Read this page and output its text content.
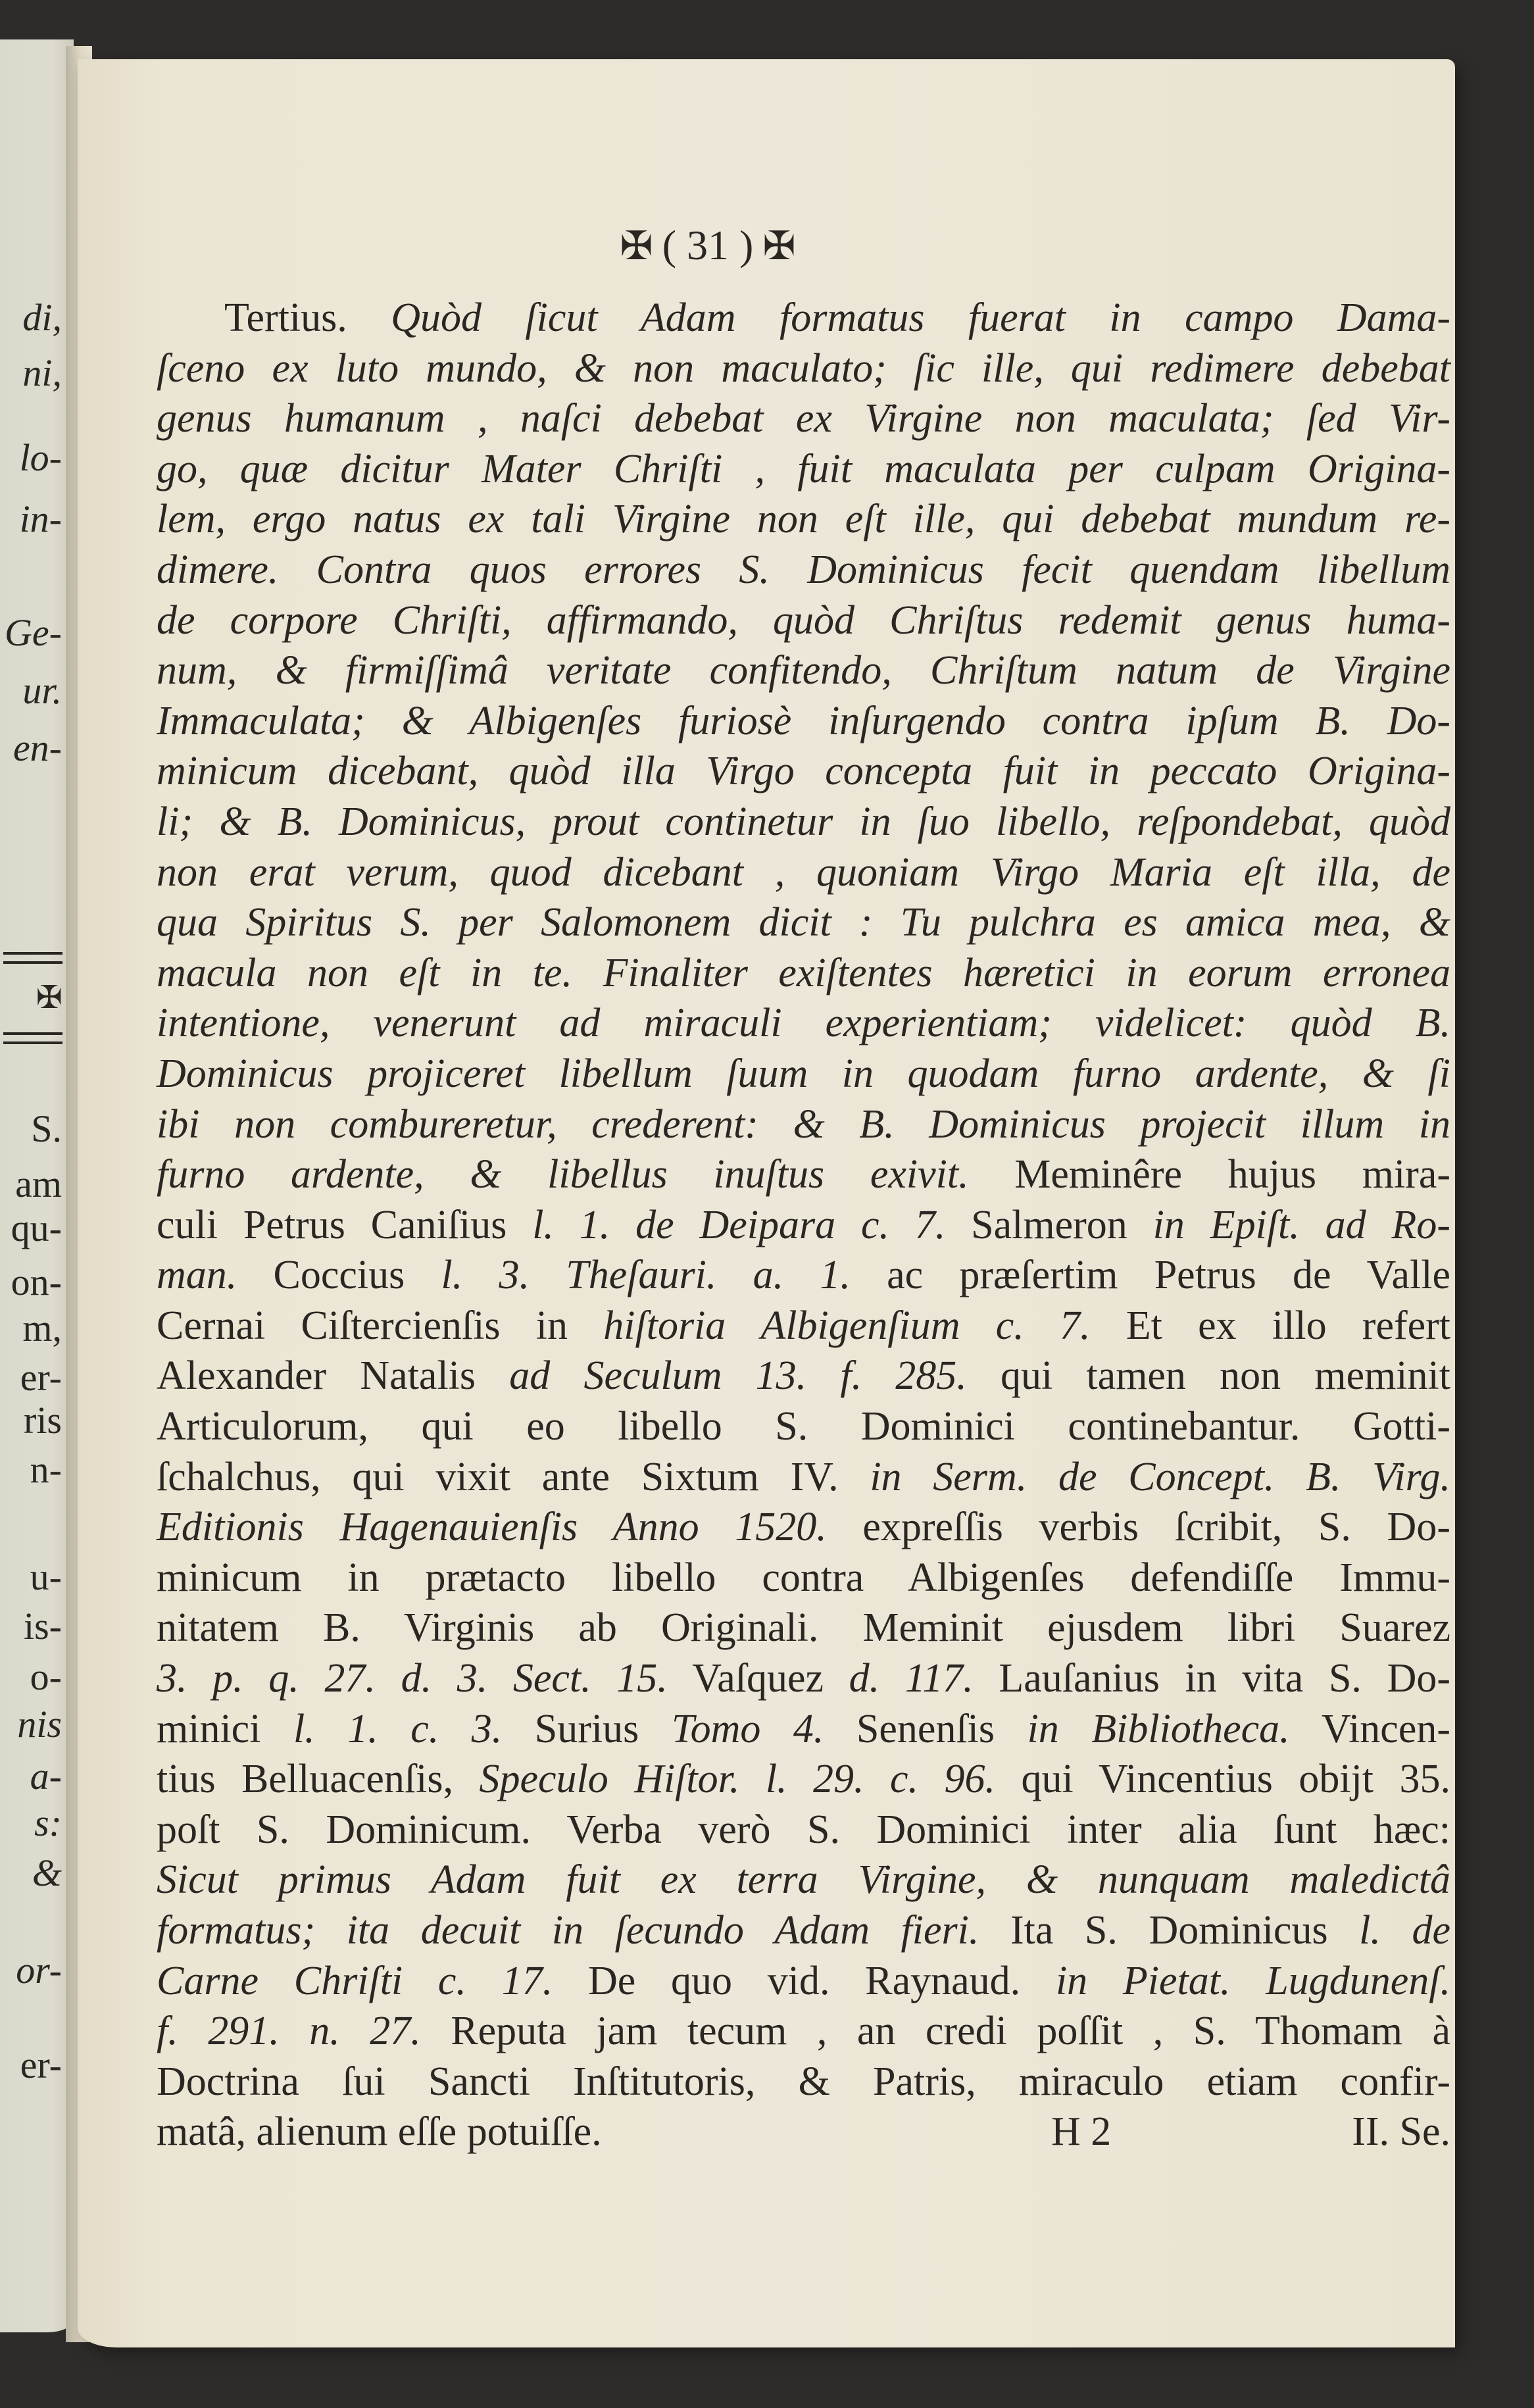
di,
ni,
lo-
in-
Ge-
ur.
en-
S.
am
qu-
on-
m,
er-
ris
n-
u-
is-
o-
nis
a-
s:
&
or-
er-
✠
✠ ( 31 ) ✠
Tertius. Quòd ſicut Adam formatus fuerat in campo Dama-
ſceno ex luto mundo, & non maculato; ſic ille, qui redimere debebat
genus humanum , naſci debebat ex Virgine non maculata; ſed Vir-
go, quæ dicitur Mater Chriſti , fuit maculata per culpam Origina-
lem, ergo natus ex tali Virgine non eſt ille, qui debebat mundum re-
dimere. Contra quos errores S. Dominicus fecit quendam libellum
de corpore Chriſti, affirmando, quòd Chriſtus redemit genus huma-
num, & firmiſſimâ veritate confitendo, Chriſtum natum de Virgine
Immaculata; & Albigenſes furiosè inſurgendo contra ipſum B. Do-
minicum dicebant, quòd illa Virgo concepta fuit in peccato Origina-
li; & B. Dominicus, prout continetur in ſuo libello, reſpondebat, quòd
non erat verum, quod dicebant , quoniam Virgo Maria eſt illa, de
qua Spiritus S. per Salomonem dicit : Tu pulchra es amica mea, &
macula non eſt in te. Finaliter exiſtentes hæretici in eorum erronea
intentione, venerunt ad miraculi experientiam; videlicet: quòd B.
Dominicus projiceret libellum ſuum in quodam furno ardente, & ſi
ibi non combureretur, crederent: & B. Dominicus projecit illum in
furno ardente, & libellus inuſtus exivit. Meminêre hujus mira-
culi Petrus Caniſius l. 1. de Deipara c. 7. Salmeron in Epiſt. ad Ro-
man. Coccius l. 3. Theſauri. a. 1. ac præſertim Petrus de Valle
Cernai Ciſtercienſis in hiſtoria Albigenſium c. 7. Et ex illo refert
Alexander Natalis ad Seculum 13. f. 285. qui tamen non meminit
Articulorum, qui eo libello S. Dominici continebantur. Gotti-
ſchalchus, qui vixit ante Sixtum IV. in Serm. de Concept. B. Virg.
Editionis Hagenauienſis Anno 1520. expreſſis verbis ſcribit, S. Do-
minicum in prætacto libello contra Albigenſes defendiſſe Immu-
nitatem B. Virginis ab Originali. Meminit ejusdem libri Suarez
3. p. q. 27. d. 3. Sect. 15. Vaſquez d. 117. Lauſanius in vita S. Do-
minici l. 1. c. 3. Surius Tomo 4. Senenſis in Bibliotheca. Vincen-
tius Belluacenſis, Speculo Hiſtor. l. 29. c. 96. qui Vincentius obijt 35.
poſt S. Dominicum. Verba verò S. Dominici inter alia ſunt hæc:
Sicut primus Adam fuit ex terra Virgine, & nunquam maledictâ
formatus; ita decuit in ſecundo Adam fieri. Ita S. Dominicus l. de
Carne Chriſti c. 17. De quo vid. Raynaud. in Pietat. Lugdunenſ.
f. 291. n. 27. Reputa jam tecum , an credi poſſit , S. Thomam à
Doctrina ſui Sancti Inſtitutoris, & Patris, miraculo etiam confir-
matâ, alienum eſſe potuiſſe.	H 2	II. Se.
